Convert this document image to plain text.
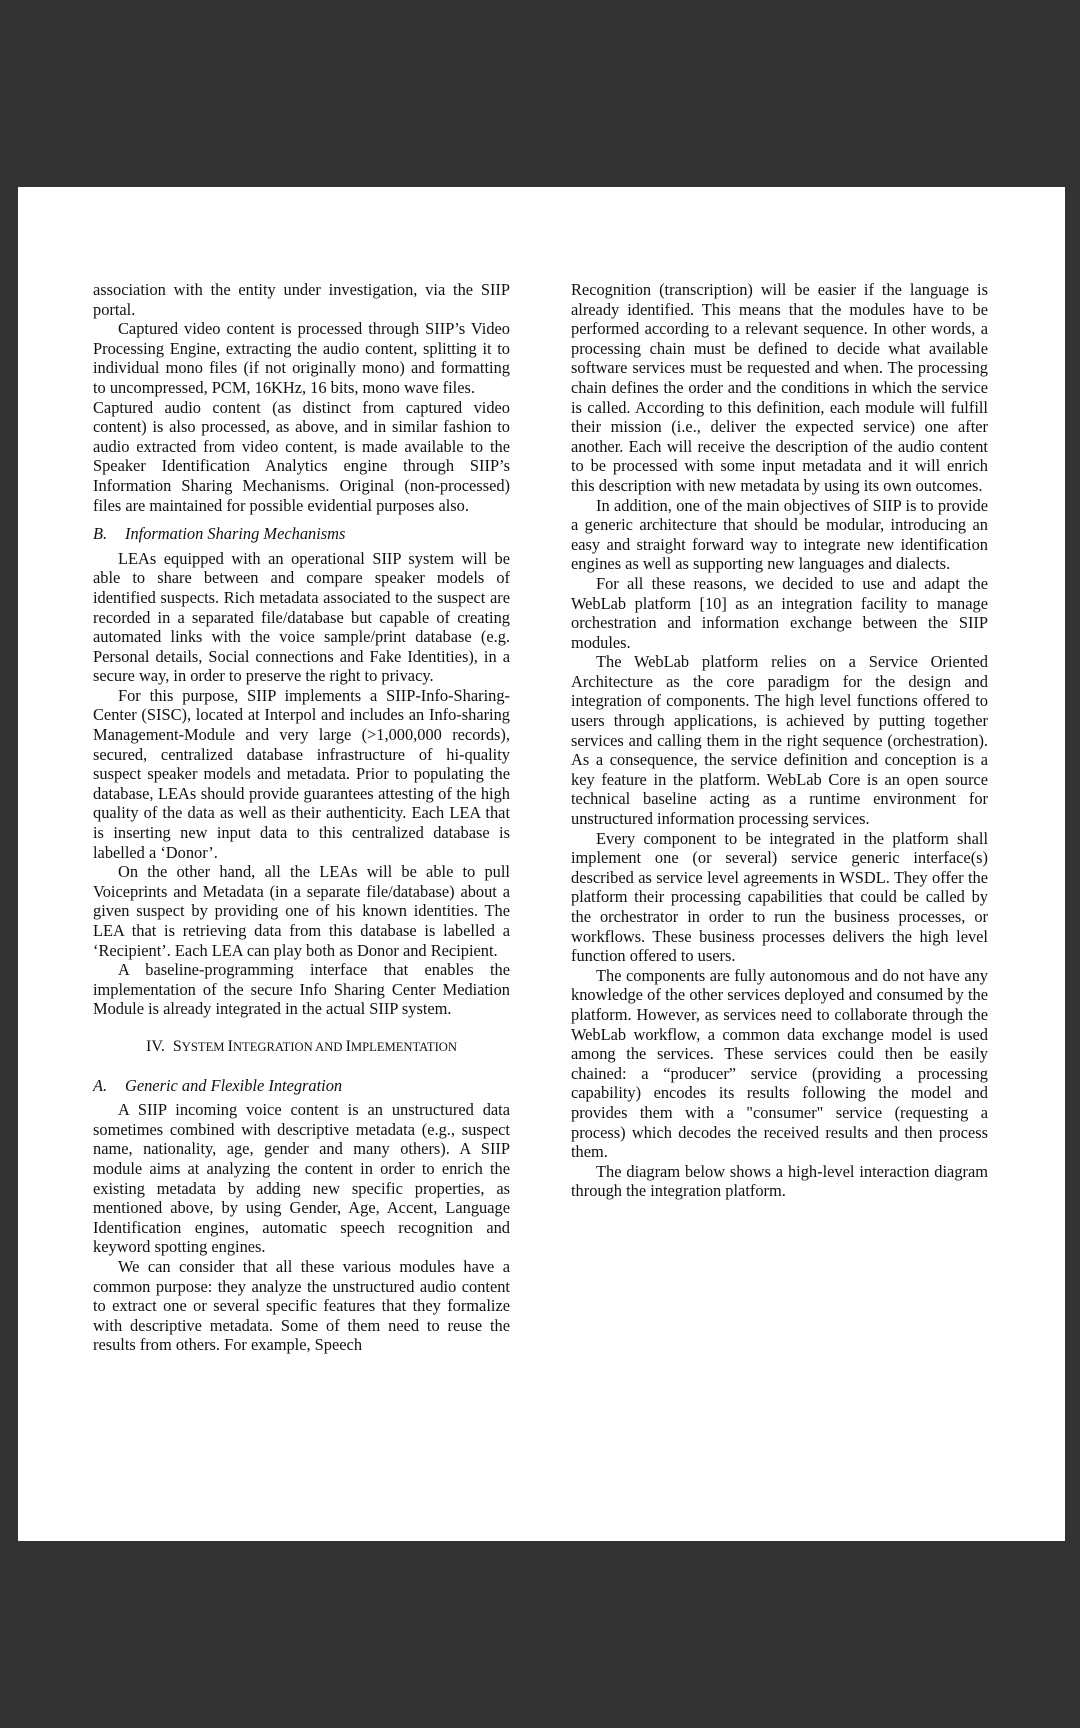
association with the entity under investigation, via the SIIP portal.

Captured video content is processed through SIIP’s Video Processing Engine, extracting the audio content, splitting it to individual mono files (if not originally mono) and formatting to uncompressed, PCM, 16KHz, 16 bits, mono wave files.

Captured audio content (as distinct from captured video content) is also processed, as above, and in similar fashion to audio extracted from video content, is made available to the Speaker Identification Analytics engine through SIIP’s Information Sharing Mechanisms. Original (non-processed) files are maintained for possible evidential purposes also.

B. Information Sharing Mechanisms

LEAs equipped with an operational SIIP system will be able to share between and compare speaker models of identified suspects. Rich metadata associated to the suspect are recorded in a separated file/database but capable of creating automated links with the voice sample/print database (e.g. Personal details, Social connections and Fake Identities), in a secure way, in order to preserve the right to privacy.

For this purpose, SIIP implements a SIIP-Info-Sharing-Center (SISC), located at Interpol and includes an Info-sharing Management-Module and very large (>1,000,000 records), secured, centralized database infrastructure of hi-quality suspect speaker models and metadata. Prior to populating the database, LEAs should provide guarantees attesting of the high quality of the data as well as their authenticity. Each LEA that is inserting new input data to this centralized database is labelled a ‘Donor’.

On the other hand, all the LEAs will be able to pull Voiceprints and Metadata (in a separate file/database) about a given suspect by providing one of his known identities. The LEA that is retrieving data from this database is labelled a ‘Recipient’. Each LEA can play both as Donor and Recipient.

A baseline-programming interface that enables the implementation of the secure Info Sharing Center Mediation Module is already integrated in the actual SIIP system.

IV. SYSTEM INTEGRATION AND IMPLEMENTATION
A. Generic and Flexible Integration

A SIIP incoming voice content is an unstructured data sometimes combined with descriptive metadata (e.g., suspect name, nationality, age, gender and many others). A SIIP module aims at analyzing the content in order to enrich the existing metadata by adding new specific properties, as mentioned above, by using Gender, Age, Accent, Language Identification engines, automatic speech recognition and keyword spotting engines.

We can consider that all these various modules have a common purpose: they analyze the unstructured audio content to extract one or several specific features that they formalize with descriptive metadata. Some of them need to reuse the results from others. For example, Speech

Recognition (transcription) will be easier if the language is already identified. This means that the modules have to be performed according to a relevant sequence. In other words, a processing chain must be defined to decide what available software services must be requested and when. The processing chain defines the order and the conditions in which the service is called. According to this definition, each module will fulfill their mission (i.e., deliver the expected service) one after another. Each will receive the description of the audio content to be processed with some input metadata and it will enrich this description with new metadata by using its own outcomes.

In addition, one of the main objectives of SIIP is to provide a generic architecture that should be modular, introducing an easy and straight forward way to integrate new identification engines as well as supporting new languages and dialects.

For all these reasons, we decided to use and adapt the WebLab platform [10] as an integration facility to manage orchestration and information exchange between the SIIP modules.

The WebLab platform relies on a Service Oriented Architecture as the core paradigm for the design and integration of components. The high level functions offered to users through applications, is achieved by putting together services and calling them in the right sequence (orchestration). As a consequence, the service definition and conception is a key feature in the platform. WebLab Core is an open source technical baseline acting as a runtime environment for unstructured information processing services.

Every component to be integrated in the platform shall implement one (or several) service generic interface(s) described as service level agreements in WSDL. They offer the platform their processing capabilities that could be called by the orchestrator in order to run the business processes, or workflows. These business processes delivers the high level function offered to users.

The components are fully autonomous and do not have any knowledge of the other services deployed and consumed by the platform. However, as services need to collaborate through the WebLab workflow, a common data exchange model is used among the services. These services could then be easily chained: a “producer” service (providing a processing capability) encodes its results following the model and provides them with a "consumer" service (requesting a process) which decodes the received results and then process them.

The diagram below shows a high-level interaction diagram through the integration platform.
